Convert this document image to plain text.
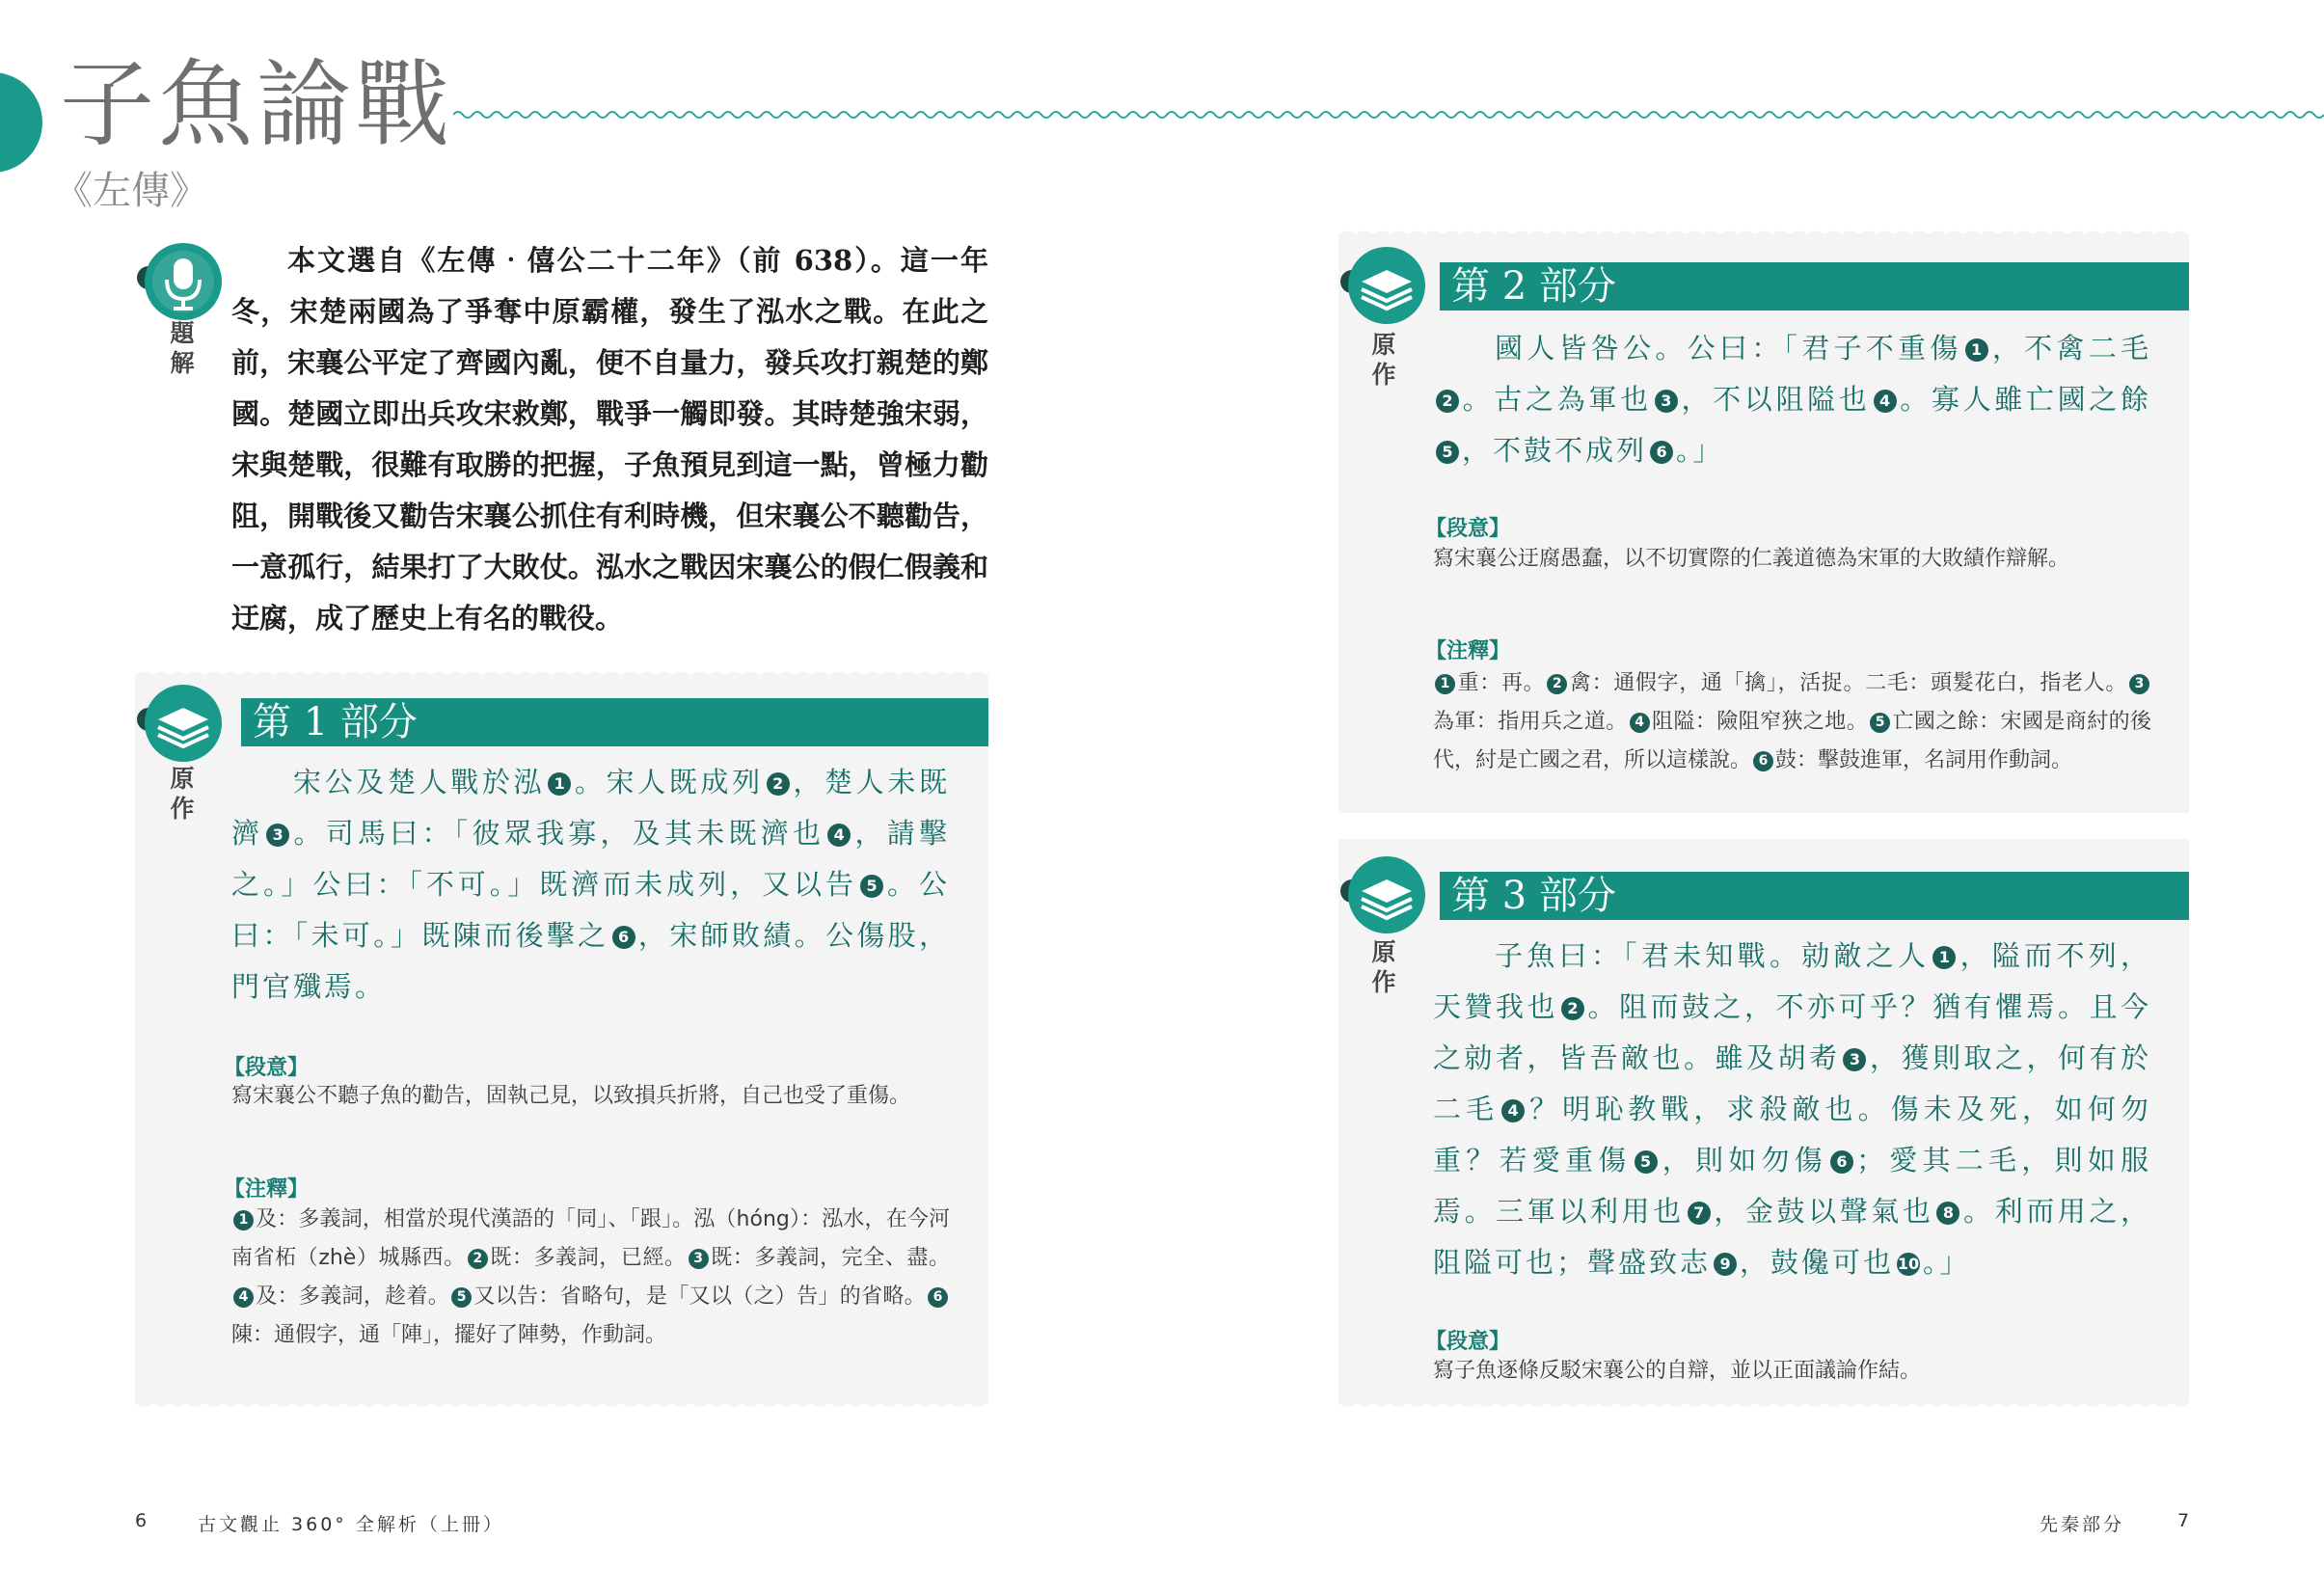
子魚論戰
《左傳》
題解
本文選自《左傳‧僖公二十二年》（前 638）。這一年冬，宋楚兩國為了爭奪中原霸權，發生了泓水之戰。在此之前，宋襄公平定了齊國內亂，便不自量力，發兵攻打親楚的鄭國。楚國立即出兵攻宋救鄭，戰爭一觸即發。其時楚強宋弱，宋與楚戰，很難有取勝的把握，子魚預見到這一點，曾極力勸阻，開戰後又勸告宋襄公抓住有利時機，但宋襄公不聽勸告，一意孤行，結果打了大敗仗。泓水之戰因宋襄公的假仁假義和迂腐，成了歷史上有名的戰役。
第 1 部分
原作
宋公及楚人戰於泓 1 。宋人既成列 2 ，楚人未既濟 3 。司馬曰：「彼眾我寡，及其未既濟也 4 ，請擊之。」公曰：「不可。」既濟而未成列，又以告 5 。公曰：「未可。」既陳而後擊之 6 ，宋師敗績。公傷股，門官殲焉。
【段意】
寫宋襄公不聽子魚的勸告，固執己見，以致損兵折將，自己也受了重傷。
【注釋】
1 及：多義詞，相當於現代漢語的「同」、「跟」。泓（hóng）：泓水，在今河南省柘（zhè）城縣西。 2 既：多義詞，已經。 3 既：多義詞，完全、盡。4 及：多義詞，趁着。 5 又以告：省略句，是「又以（之）告」的省略。 6陳：通假字，通「陣」，擺好了陣勢，作動詞。
第 2 部分
原作
國人皆咎公。公曰：「君子不重傷 1 ，不禽二毛2 。古之為軍也 3 ，不以阻隘也 4 。寡人雖亡國之餘5 ，不鼓不成列 6 。」
【段意】
寫宋襄公迂腐愚蠢，以不切實際的仁義道德為宋軍的大敗績作辯解。
【注釋】
1 重：再。 2 禽：通假字，通「擒」，活捉。二毛：頭髮花白，指老人。 3為軍：指用兵之道。 4 阻隘：險阻窄狹之地。 5 亡國之餘：宋國是商紂的後代，紂是亡國之君，所以這樣說。 6 鼓：擊鼓進軍，名詞用作動詞。
第 3 部分
原作
子魚曰：「君未知戰。勍敵之人 1 ，隘而不列，天贊我也 2 。阻而鼓之，不亦可乎？猶有懼焉。且今之勍者，皆吾敵也。雖及胡耇 3 ，獲則取之，何有於二毛 4 ？明恥教戰，求殺敵也。傷未及死，如何勿重？若愛重傷 5 ，則如勿傷 6 ；愛其二毛，則如服焉。三軍以利用也 7 ，金鼓以聲氣也 8 。利而用之，阻隘可也；聲盛致志 9 ，鼓儳可也 10 。」
【段意】
寫子魚逐條反駁宋襄公的自辯，並以正面議論作結。
6	古文觀止 360° 全解析（上冊）	先秦部分	7
